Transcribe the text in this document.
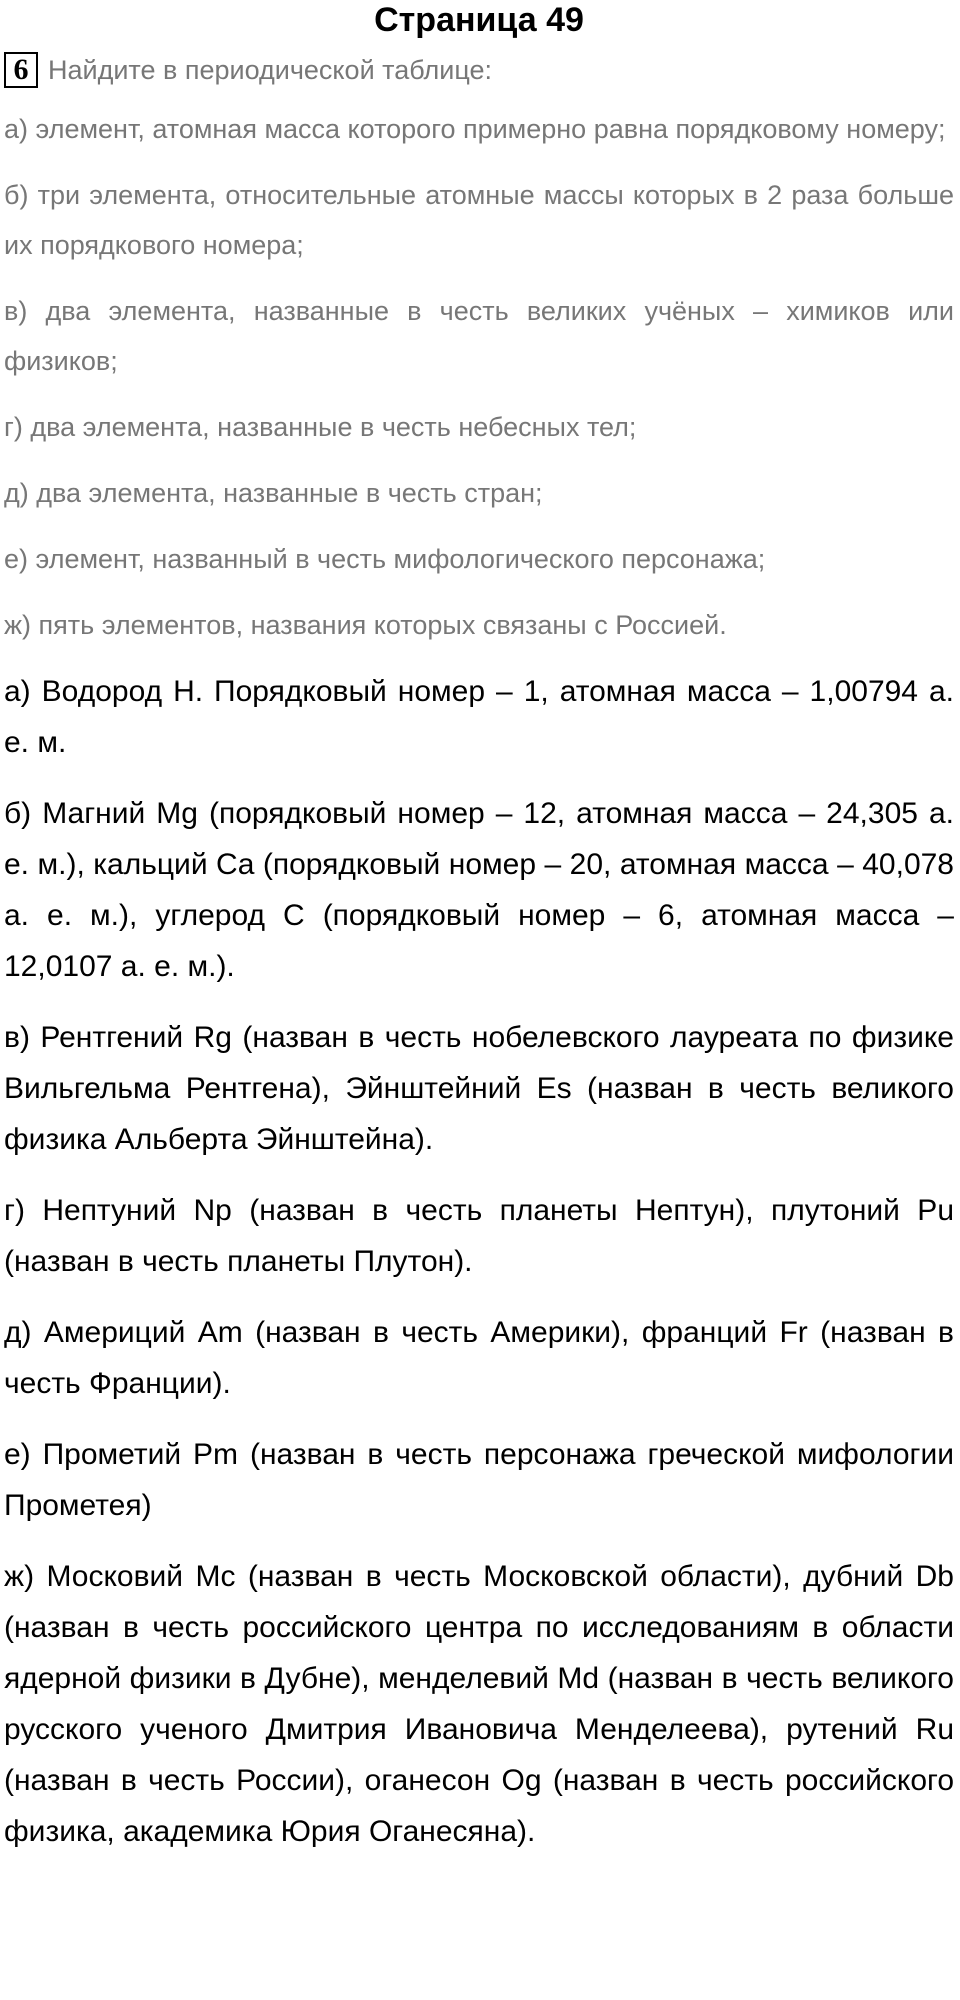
Страница 49
6 Найдите в периодической таблице:

а) элемент, атомная масса которого примерно равна порядковому номеру;

б) три элемента, относительные атомные массы которых в 2 раза больше их порядкового номера;

в) два элемента, названные в честь великих учёных – химиков или физиков;

г) два элемента, названные в честь небесных тел;

д) два элемента, названные в честь стран;

е) элемент, названный в честь мифологического персонажа;

ж) пять элементов, названия которых связаны с Россией.

а) Водород H. Порядковый номер – 1, атомная масса – 1,00794 а. е. м.

б) Магний Mg (порядковый номер – 12, атомная масса – 24,305 а. е. м.), кальций Ca (порядковый номер – 20, атомная масса – 40,078 а. е. м.), углерод С (порядковый номер – 6, атомная масса – 12,0107 а. е. м.).

в) Рентгений Rg (назван в честь нобелевского лауреата по физике Вильгельма Рентгена), Эйнштейний Es (назван в честь великого физика Альберта Эйнштейна).

г) Нептуний Np (назван в честь планеты Нептун), плутоний Pu (назван в честь планеты Плутон).

д) Америций Am (назван в честь Америки), франций Fr (назван в честь Франции).

е) Прометий Pm (назван в честь персонажа греческой мифологии Прометея)

ж) Московий Mc (назван в честь Московской области), дубний Db (назван в честь российского центра по исследованиям в области ядерной физики в Дубне), менделевий Md (назван в честь великого русского ученого Дмитрия Ивановича Менделеева), рутений Ru (назван в честь России), оганесон Og (назван в честь российского физика, академика Юрия Оганесяна).
